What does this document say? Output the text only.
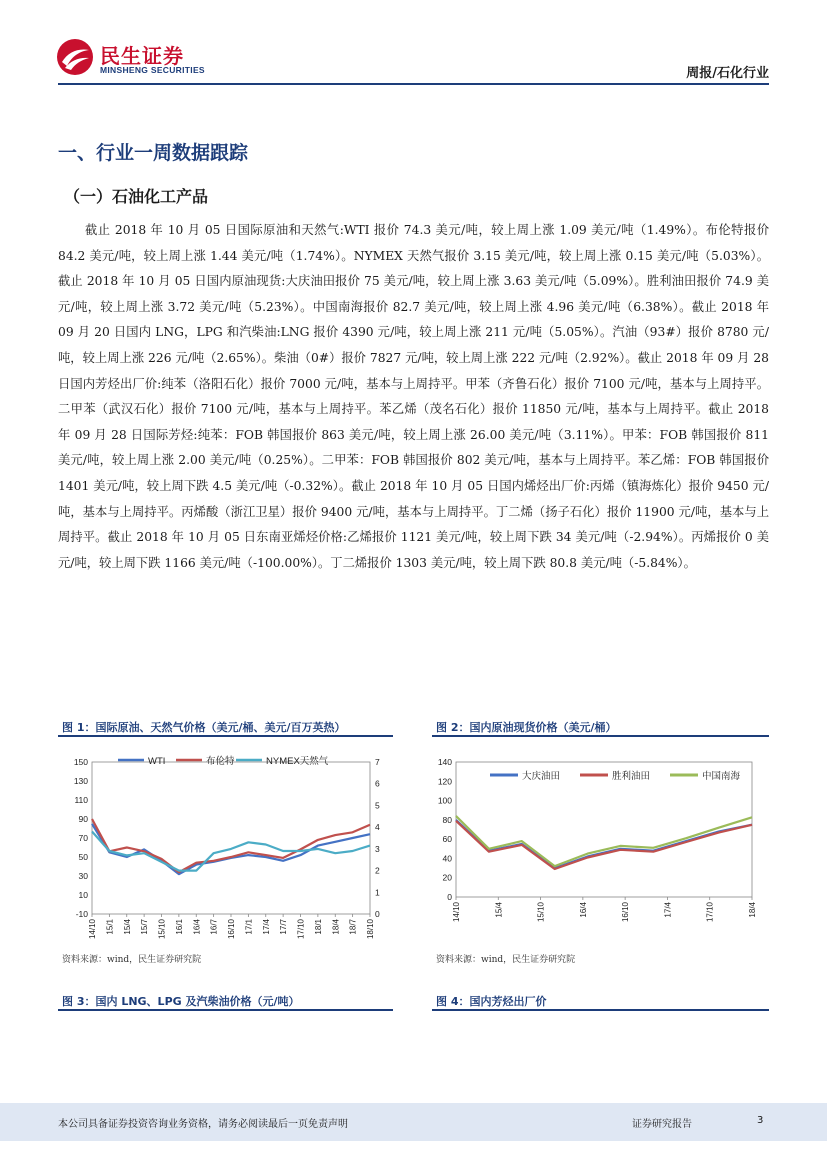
民生证券
MINSHENG SECURITIES	周报/石化行业
一、行业一周数据跟踪
（一）石油化工产品

截止 2018 年 10 月 05 日国际原油和天然气:WTI 报价 74.3 美元/吨，较上周上涨 1.09 美元/吨（1.49%）。布伦特报价 84.2 美元/吨，较上周上涨 1.44 美元/吨（1.74%）。NYMEX 天然气报价 3.15 美元/吨，较上周上涨 0.15 美元/吨（5.03%）。截止 2018 年 10 月 05 日国内原油现货:大庆油田报价 75 美元/吨，较上周上涨 3.63 美元/吨（5.09%）。胜利油田报价 74.9 美元/吨，较上周上涨 3.72 美元/吨（5.23%）。中国南海报价 82.7 美元/吨，较上周上涨 4.96 美元/吨（6.38%）。截止 2018 年 09 月 20 日国内 LNG，LPG 和汽柴油:LNG 报价 4390 元/吨，较上周上涨 211 元/吨（5.05%）。汽油（93#）报价 8780 元/吨，较上周上涨 226 元/吨（2.65%）。柴油（0#）报价 7827 元/吨，较上周上涨 222 元/吨（2.92%）。截止 2018 年 09 月 28 日国内芳烃出厂价:纯苯（洛阳石化）报价 7000 元/吨，基本与上周持平。甲苯（齐鲁石化）报价 7100 元/吨，基本与上周持平。二甲苯（武汉石化）报价 7100 元/吨，基本与上周持平。苯乙烯（茂名石化）报价 11850 元/吨，基本与上周持平。截止 2018 年 09 月 28 日国际芳烃:纯苯：FOB 韩国报价 863 美元/吨，较上周上涨 26.00 美元/吨（3.11%）。甲苯：FOB 韩国报价 811 美元/吨，较上周上涨 2.00 美元/吨（0.25%）。二甲苯：FOB 韩国报价 802 美元/吨，基本与上周持平。苯乙烯：FOB 韩国报价 1401 美元/吨，较上周下跌 4.5 美元/吨（-0.32%）。截止 2018 年 10 月 05 日国内烯烃出厂价:丙烯（镇海炼化）报价 9450 元/吨，基本与上周持平。丙烯酸（浙江卫星）报价 9400 元/吨，基本与上周持平。丁二烯（扬子石化）报价 11900 元/吨，基本与上周持平。截止 2018 年 10 月 05 日东南亚烯烃价格:乙烯报价 1121 美元/吨，较上周下跌 34 美元/吨（-2.94%）。丙烯报价 0 美元/吨，较上周下跌 1166 美元/吨（-100.00%）。丁二烯报价 1303 美元/吨，较上周下跌 80.8 美元/吨（-5.84%）。

图 1：国际原油、天然气价格（美元/桶、美元/百万英热）
-10
10
30
50
70
90
110
130
150
0
1
2
3
4
5
6
7
14/10 15/1 15/4 15/7 15/10 16/1 16/4 16/7 16/10 17/1 17/4 17/7 17/10 18/1 18/4 18/7 18/10
WTI	布伦特	NYMEX天然气
资料来源：wind，民生证券研究院
图 2：国内原油现货价格（美元/桶）
0
20
40
60
80
100
120
140
14/10	15/4	15/10	16/4	16/10	17/4	17/10	18/4
大庆油田	胜利油田	中国南海
资料来源：wind，民生证券研究院
图 3：国内 LNG、LPG 及汽柴油价格（元/吨）	图 4：国内芳烃出厂价
本公司具备证券投资咨询业务资格，请务必阅读最后一页免责声明	证券研究报告	3
